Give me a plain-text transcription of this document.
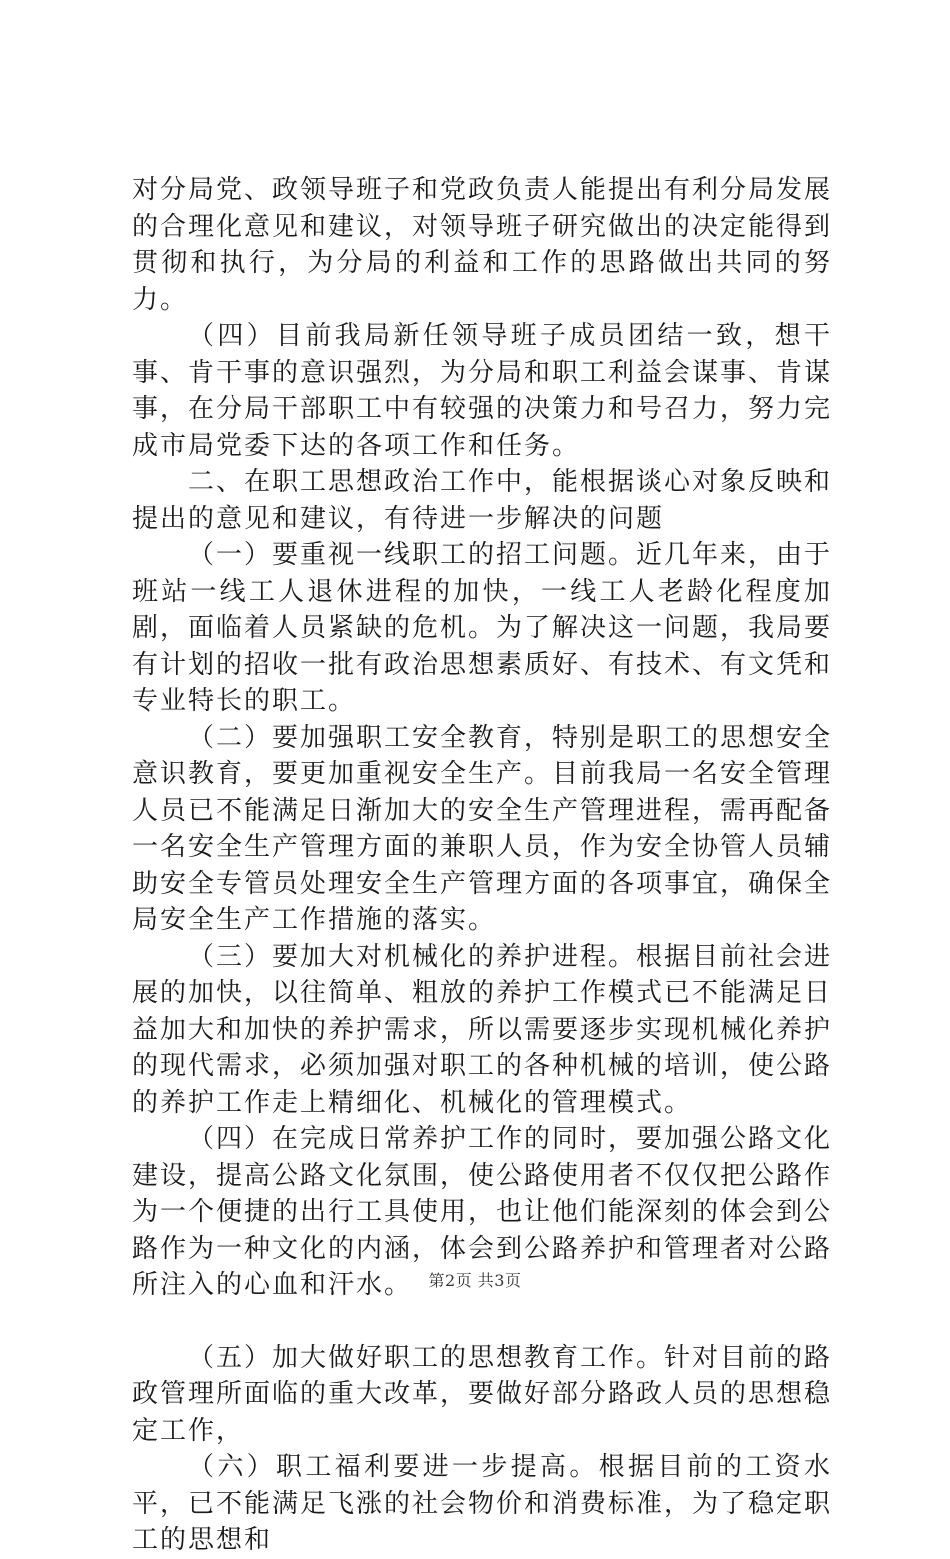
对分局党、政领导班子和党政负责人能提出有利分局发展的合理化意见和建议，对领导班子研究做出的决定能得到贯彻和执行，为分局的利益和工作的思路做出共同的努力。

（四）目前我局新任领导班子成员团结一致，想干事、肯干事的意识强烈，为分局和职工利益会谋事、肯谋事，在分局干部职工中有较强的决策力和号召力，努力完成市局党委下达的各项工作和任务。

二、在职工思想政治工作中，能根据谈心对象反映和提出的意见和建议，有待进一步解决的问题

（一）要重视一线职工的招工问题。近几年来，由于班站一线工人退休进程的加快，一线工人老龄化程度加剧，面临着人员紧缺的危机。为了解决这一问题，我局要有计划的招收一批有政治思想素质好、有技术、有文凭和专业特长的职工。

（二）要加强职工安全教育，特别是职工的思想安全意识教育，要更加重视安全生产。目前我局一名安全管理人员已不能满足日渐加大的安全生产管理进程，需再配备一名安全生产管理方面的兼职人员，作为安全协管人员辅助安全专管员处理安全生产管理方面的各项事宜，确保全局安全生产工作措施的落实。

（三）要加大对机械化的养护进程。根据目前社会进展的加快，以往简单、粗放的养护工作模式已不能满足日益加大和加快的养护需求，所以需要逐步实现机械化养护的现代需求，必须加强对职工的各种机械的培训，使公路的养护工作走上精细化、机械化的管理模式。

（四）在完成日常养护工作的同时，要加强公路文化建设，提高公路文化氛围，使公路使用者不仅仅把公路作为一个便捷的出行工具使用，也让他们能深刻的体会到公路作为一种文化的内涵，体会到公路养护和管理者对公路所注入的心血和汗水。

（五）加大做好职工的思想教育工作。针对目前的路政管理所面临的重大改革，要做好部分路政人员的思想稳定工作，

（六）职工福利要进一步提高。根据目前的工资水平，已不能满足飞涨的社会物价和消费标准，为了稳定职工的思想和

第2页 共3页
